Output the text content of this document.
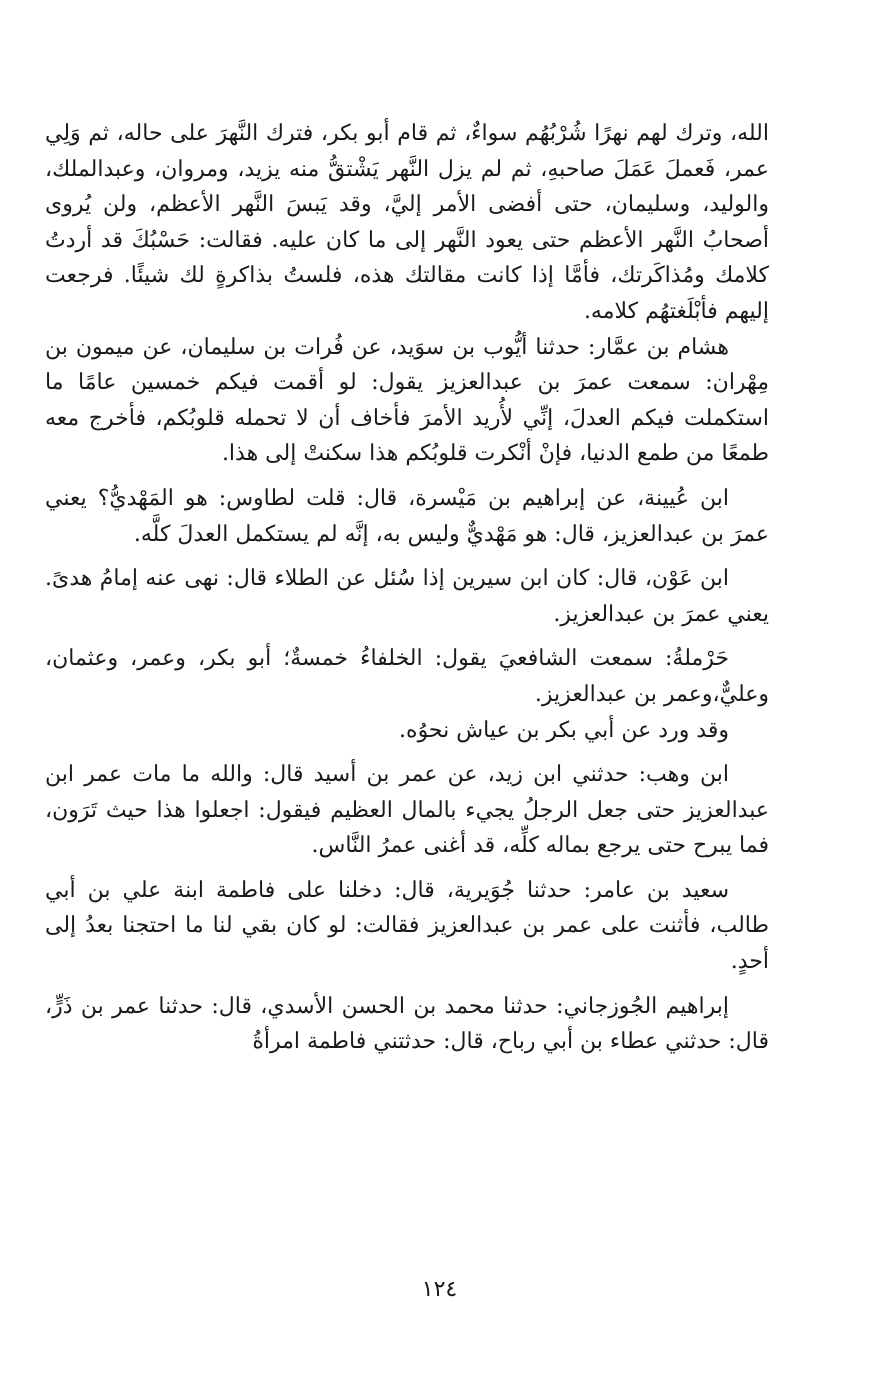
الله، وترك لهم نهرًا شُرْبُهُم سواءٌ، ثم قام أبو بكر، فترك النَّهرَ على حاله، ثم وَلِي عمر، فَعملَ عَمَلَ صاحبهِ، ثم لم يزل النَّهر يَشْتقُّ منه يزيد، ومروان، وعبدالملك، والوليد، وسليمان، حتى أفضى الأمر إليَّ، وقد يَبسَ النَّهر الأعظم، ولن يُروى أصحابُ النَّهر الأعظم حتى يعود النَّهر إلى ما كان عليه. فقالت: حَسْبُكَ قد أردتُ كلامك ومُذاكَرتك، فأمَّا إذا كانت مقالتك هذه، فلستُ بذاكرةٍ لك شيئًا. فرجعت إليهم فأبْلَغتهُم كلامه.

هشام بن عمَّار: حدثنا أيُّوب بن سوَيد، عن فُرات بن سليمان، عن ميمون بن مِهْران: سمعت عمرَ بن عبدالعزيز يقول: لو أقمت فيكم خمسين عامًا ما استكملت فيكم العدلَ، إنِّي لأُريد الأمرَ فأخاف أن لا تحمله قلوبُكم، فأخرج معه طمعًا من طمع الدنيا، فإنْ أنْكرت قلوبُكم هذا سكنتْ إلى هذا.

ابن عُيينة، عن إبراهيم بن مَيْسرة، قال: قلت لطاوس: هو المَهْديُّ؟ يعني عمرَ بن عبدالعزيز، قال: هو مَهْديٌّ وليس به، إنَّه لم يستكمل العدلَ كلَّه.

ابن عَوْن، قال: كان ابن سيرين إذا سُئل عن الطلاء قال: نهى عنه إمامُ هدىً. يعني عمرَ بن عبدالعزيز.

حَرْملةُ: سمعت الشافعيَ يقول: الخلفاءُ خمسةٌ؛ أبو بكر، وعمر، وعثمان، وعليٌّ،وعمر بن عبدالعزيز.

وقد ورد عن أبي بكر بن عياش نحوُه.

ابن وهب: حدثني ابن زيد، عن عمر بن أسيد قال: والله ما مات عمر ابن عبدالعزيز حتى جعل الرجلُ يجيء بالمال العظيم فيقول: اجعلوا هذا حيث تَرَون، فما يبرح حتى يرجع بماله كلِّه، قد أغنى عمرُ النَّاس.

سعيد بن عامر: حدثنا جُوَيرية، قال: دخلنا على فاطمة ابنة علي بن أبي طالب، فأثنت على عمر بن عبدالعزيز فقالت: لو كان بقي لنا ما احتجنا بعدُ إلى أحدٍ.

إبراهيم الجُوزجاني: حدثنا محمد بن الحسن الأسدي، قال: حدثنا عمر بن ذَرٍّ، قال: حدثني عطاء بن أبي رباح، قال: حدثتني فاطمة امرأةُ

١٢٤
